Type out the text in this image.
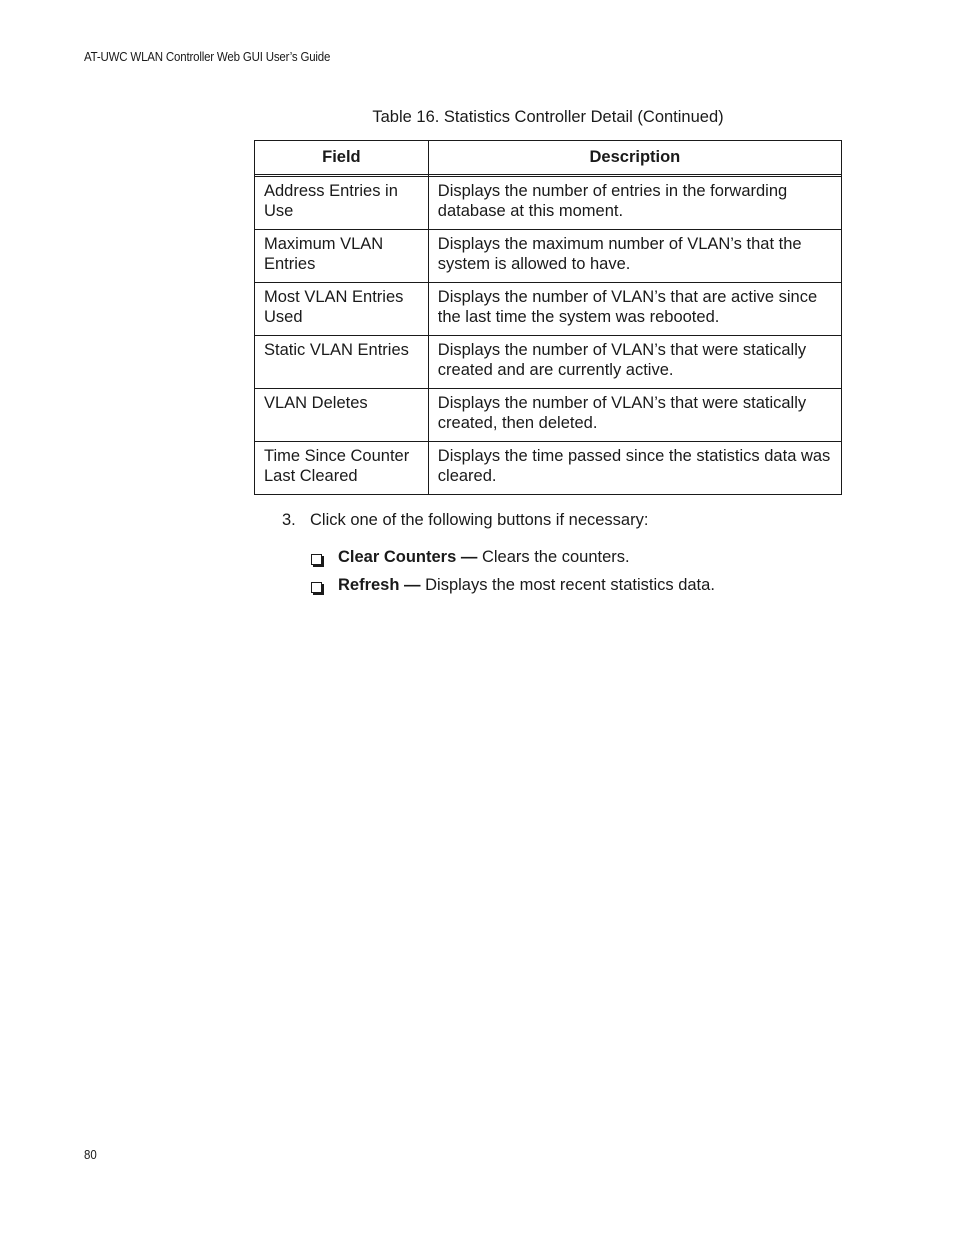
AT-UWC WLAN Controller Web GUI User’s Guide
Table 16. Statistics Controller Detail (Continued)
Field	Description

Address Entries in Use	Displays the number of entries in the forwarding database at this moment.
Maximum VLAN Entries	Displays the maximum number of VLAN’s that the system is allowed to have.
Most VLAN Entries Used	Displays the number of VLAN’s that are active since the last time the system was rebooted.
Static VLAN Entries	Displays the number of VLAN’s that were statically created and are currently active.
VLAN Deletes	Displays the number of VLAN’s that were statically created, then deleted.
Time Since Counter Last Cleared	Displays the time passed since the statistics data was cleared.
3. Click one of the following buttons if necessary:
Clear Counters — Clears the counters.
Refresh — Displays the most recent statistics data.
80
